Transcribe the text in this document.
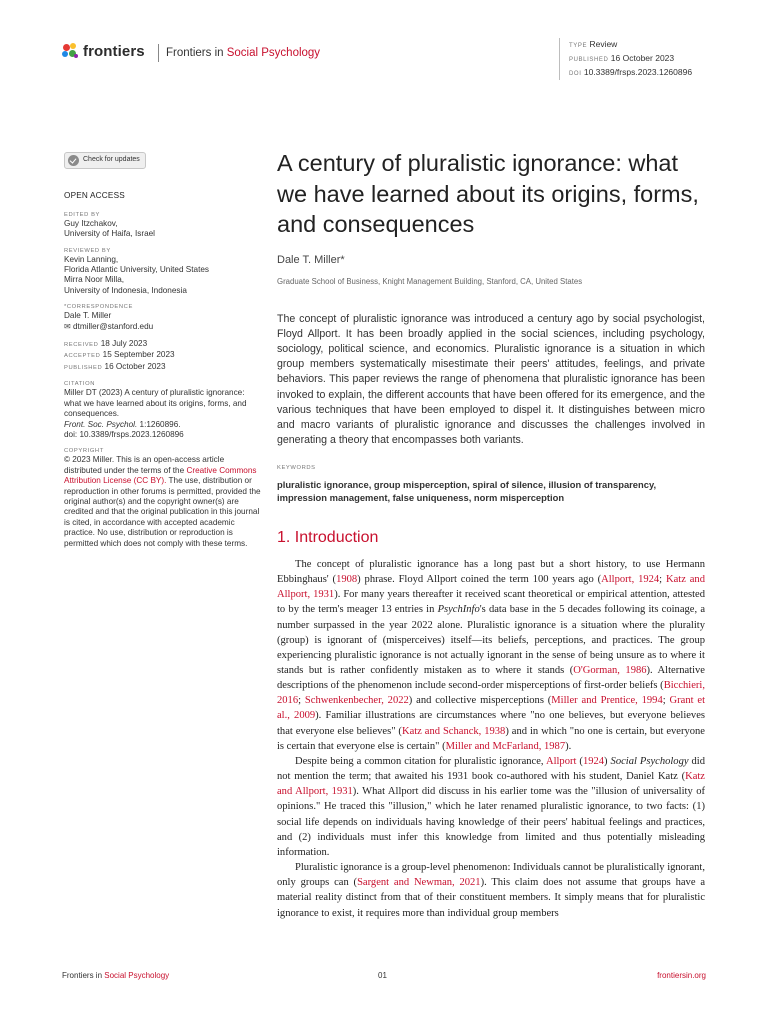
frontiers Frontiers in Social Psychology
TYPE Review
PUBLISHED 16 October 2023
DOI 10.3389/frsps.2023.1260896
Check for updates
OPEN ACCESS
EDITED BY
Guy Itzchakov,
University of Haifa, Israel
REVIEWED BY
Kevin Lanning,
Florida Atlantic University, United States
Mirra Noor Milla,
University of Indonesia, Indonesia
*CORRESPONDENCE
Dale T. Miller
✉ dtmiller@stanford.edu
RECEIVED 18 July 2023
ACCEPTED 15 September 2023
PUBLISHED 16 October 2023
CITATION
Miller DT (2023) A century of pluralistic ignorance: what we have learned about its origins, forms, and consequences.
Front. Soc. Psychol. 1:1260896.
doi: 10.3389/frsps.2023.1260896
COPYRIGHT
© 2023 Miller. This is an open-access article distributed under the terms of the Creative Commons Attribution License (CC BY). The use, distribution or reproduction in other forums is permitted, provided the original author(s) and the copyright owner(s) are credited and that the original publication in this journal is cited, in accordance with accepted academic practice. No use, distribution or reproduction is permitted which does not comply with these terms.
A century of pluralistic ignorance: what we have learned about its origins, forms, and consequences
Dale T. Miller*
Graduate School of Business, Knight Management Building, Stanford, CA, United States
The concept of pluralistic ignorance was introduced a century ago by social psychologist, Floyd Allport. It has been broadly applied in the social sciences, including psychology, sociology, political science, and economics. Pluralistic ignorance is a situation in which group members systematically misestimate their peers' attitudes, feelings, and private behaviors. This paper reviews the range of phenomena that pluralistic ignorance has been invoked to explain, the different accounts that have been offered for its emergence, and the various techniques that have been employed to dispel it. It distinguishes between micro and macro variants of pluralistic ignorance and discusses the challenges involved in generating a theory that encompasses both variants.
KEYWORDS
pluralistic ignorance, group misperception, spiral of silence, illusion of transparency, impression management, false uniqueness, norm misperception
1. Introduction

The concept of pluralistic ignorance has a long past but a short history, to use Hermann Ebbinghaus' (1908) phrase. Floyd Allport coined the term 100 years ago (Allport, 1924; Katz and Allport, 1931). For many years thereafter it received scant theoretical or empirical attention, attested to by the term's meager 13 entries in PsychInfo's data base in the 5 decades following its coinage, a number surpassed in the year 2022 alone. Pluralistic ignorance is a situation where the plurality (group) is ignorant of (misperceives) itself—its beliefs, perceptions, and practices. The group experiencing pluralistic ignorance is not actually ignorant in the sense of being unsure as to where it stands but is rather confidently mistaken as to where it stands (O'Gorman, 1986). Alternative descriptions of the phenomenon include second-order misperceptions of first-order beliefs (Bicchieri, 2016; Schwenkenbecher, 2022) and collective misperceptions (Miller and Prentice, 1994; Grant et al., 2009). Familiar illustrations are circumstances where "no one believes, but everyone believes that everyone else believes" (Katz and Schanck, 1938) and in which "no one is certain, but everyone is certain that everyone else is certain" (Miller and McFarland, 1987).

Despite being a common citation for pluralistic ignorance, Allport (1924) Social Psychology did not mention the term; that awaited his 1931 book co-authored with his student, Daniel Katz (Katz and Allport, 1931). What Allport did discuss in his earlier tome was the "illusion of universality of opinions." He traced this "illusion," which he later renamed pluralistic ignorance, to two facts: (1) social life depends on individuals having knowledge of their peers' habitual feelings and practices, and (2) individuals must infer this knowledge from limited and thus potentially misleading information.

Pluralistic ignorance is a group-level phenomenon: Individuals cannot be pluralistically ignorant, only groups can (Sargent and Newman, 2021). This claim does not assume that groups have a material reality distinct from that of their constituent members. It simply means that for pluralistic ignorance to exist, it requires more than individual group members

Frontiers in Social Psychology	01	frontiersin.org
